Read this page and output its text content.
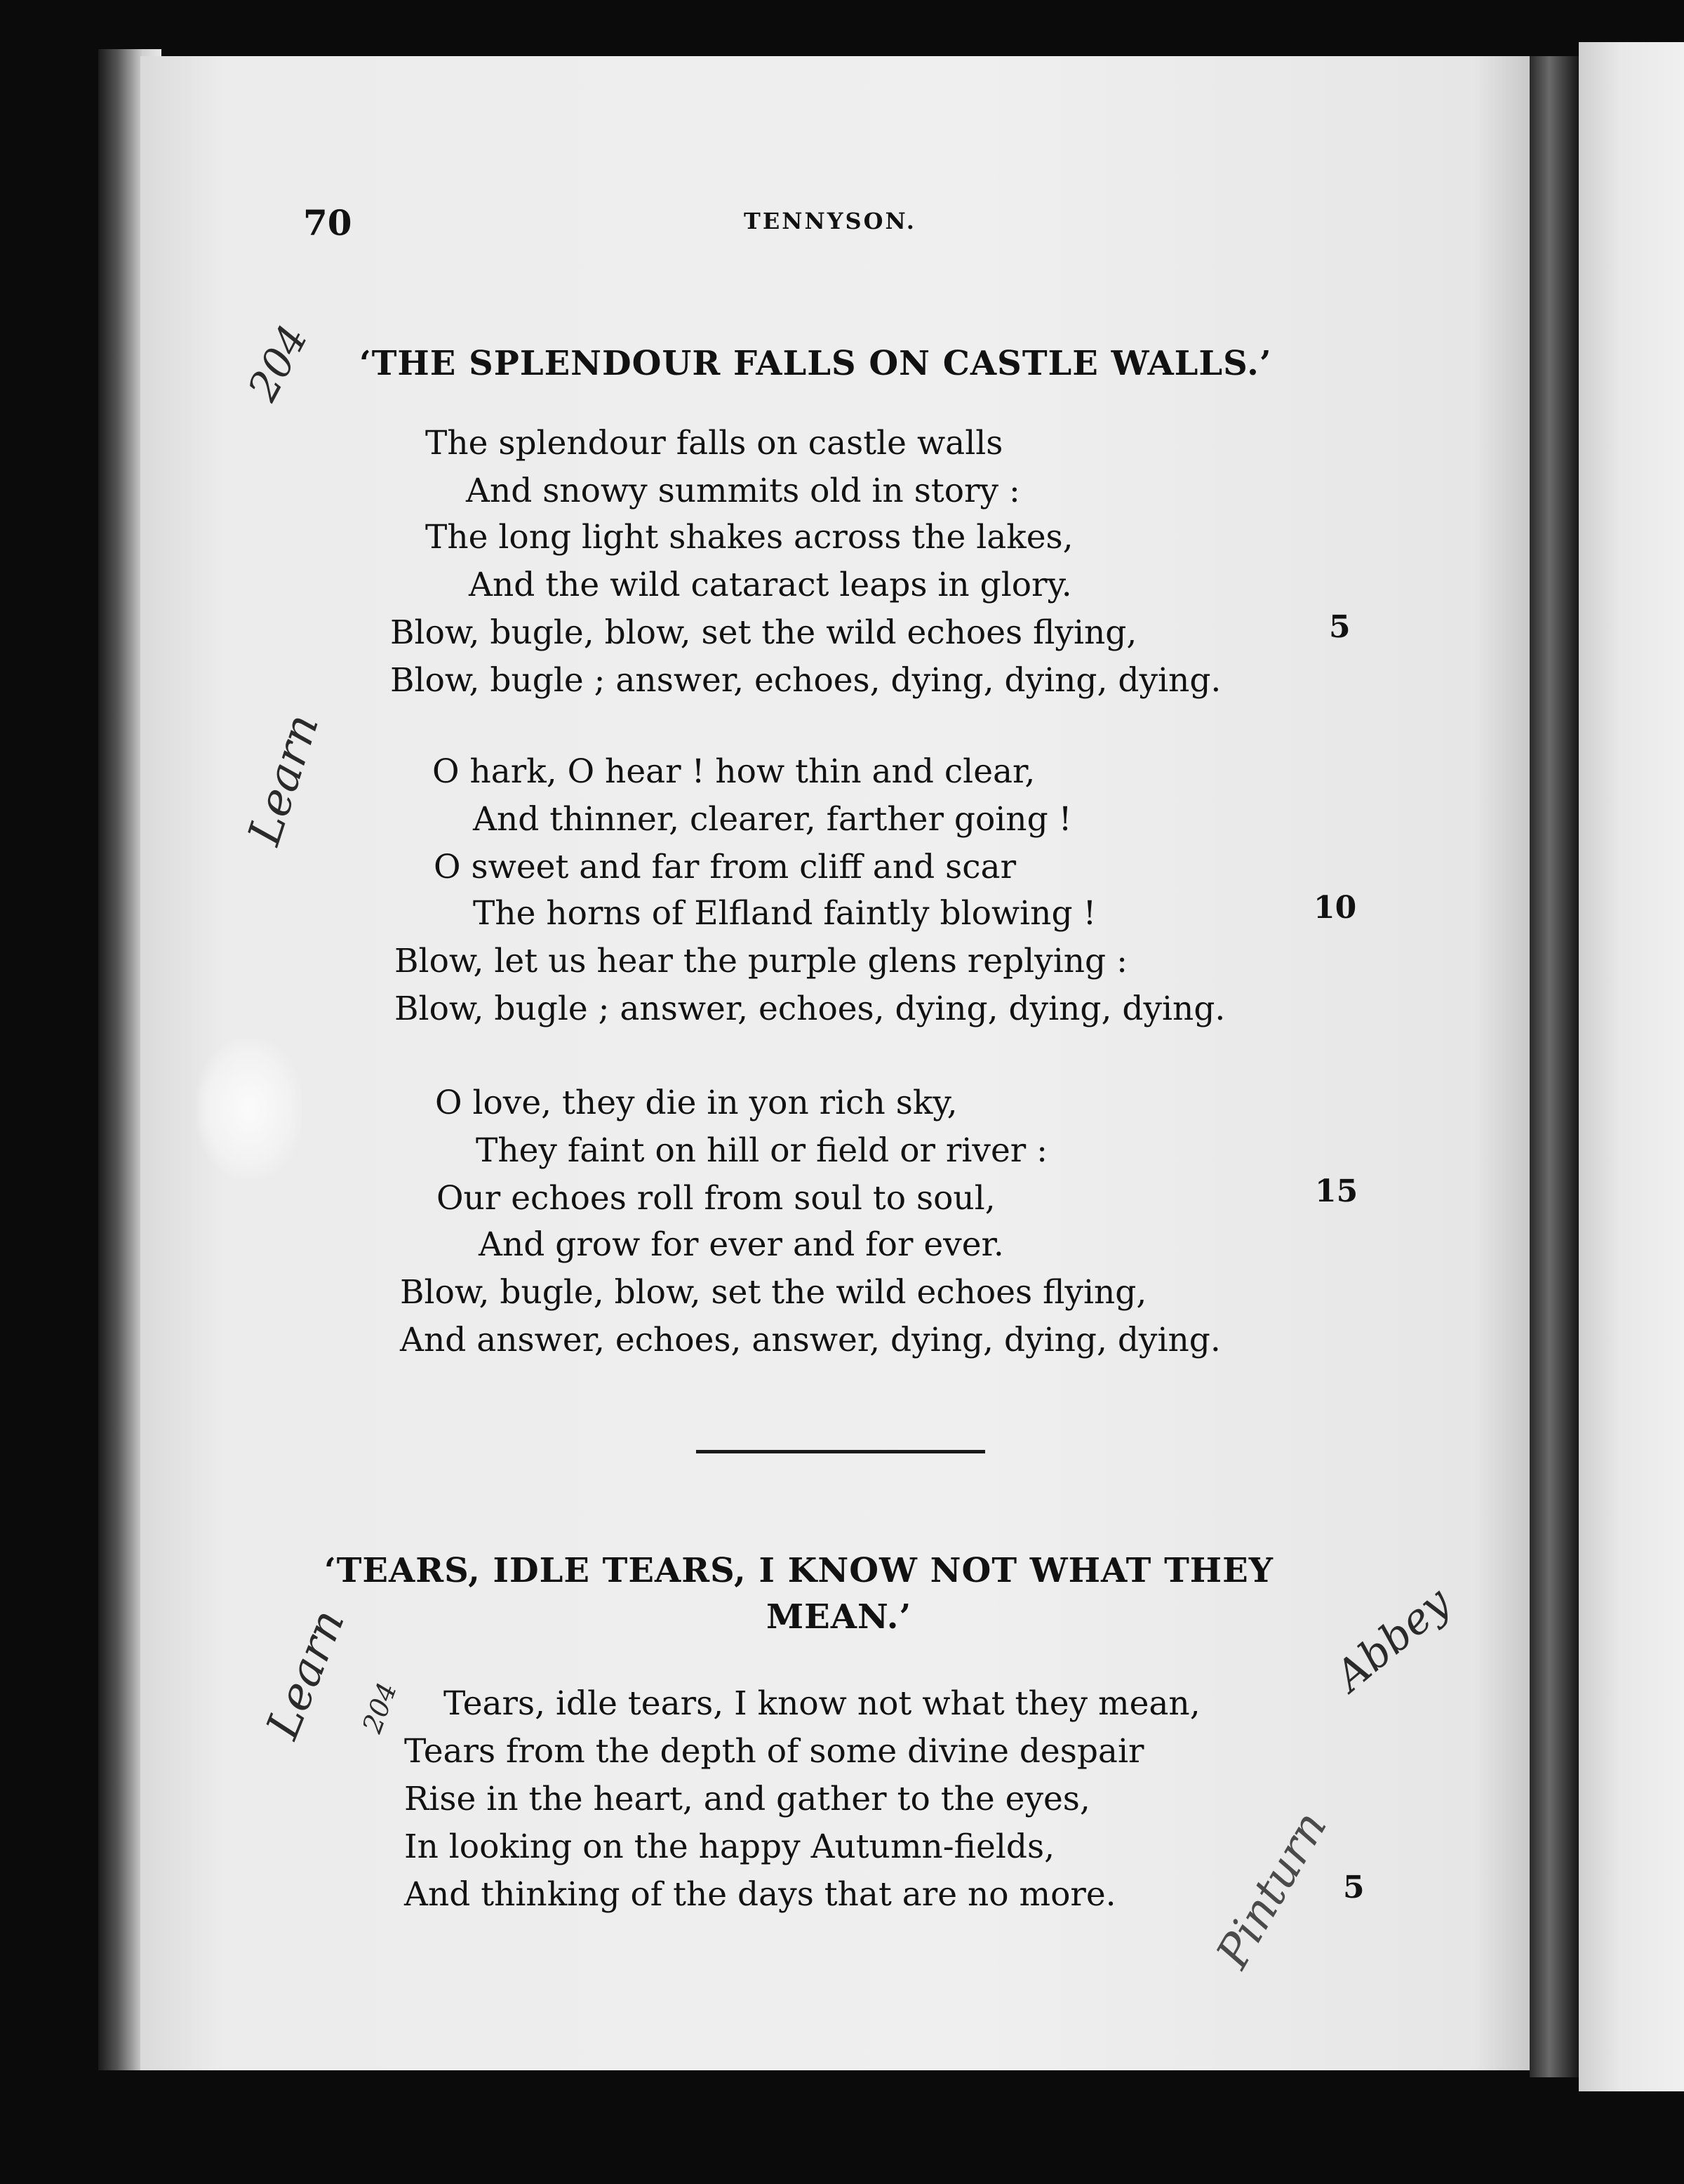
70	TENNYSON.
‘THE SPLENDOUR FALLS ON CASTLE WALLS.’
The splendour falls on castle walls
And snowy summits old in story :
The long light shakes across the lakes,
And the wild cataract leaps in glory.
Blow, bugle, blow, set the wild echoes flying,	5
Blow, bugle ; answer, echoes, dying, dying, dying.
O hark, O hear ! how thin and clear,
And thinner, clearer, farther going !
O sweet and far from cliff and scar
The horns of Elfland faintly blowing !	10
Blow, let us hear the purple glens replying :
Blow, bugle ; answer, echoes, dying, dying, dying.
O love, they die in yon rich sky,
They faint on hill or field or river :
Our echoes roll from soul to soul,	15
And grow for ever and for ever.
Blow, bugle, blow, set the wild echoes flying,
And answer, echoes, answer, dying, dying, dying.
‘TEARS, IDLE TEARS, I KNOW NOT WHAT THEY
MEAN.’
Tears, idle tears, I know not what they mean,
Tears from the depth of some divine despair
Rise in the heart, and gather to the eyes,
In looking on the happy Autumn-fields,
And thinking of the days that are no more.	5
204
Learn
Learn 204
Abbey
Pinturn
